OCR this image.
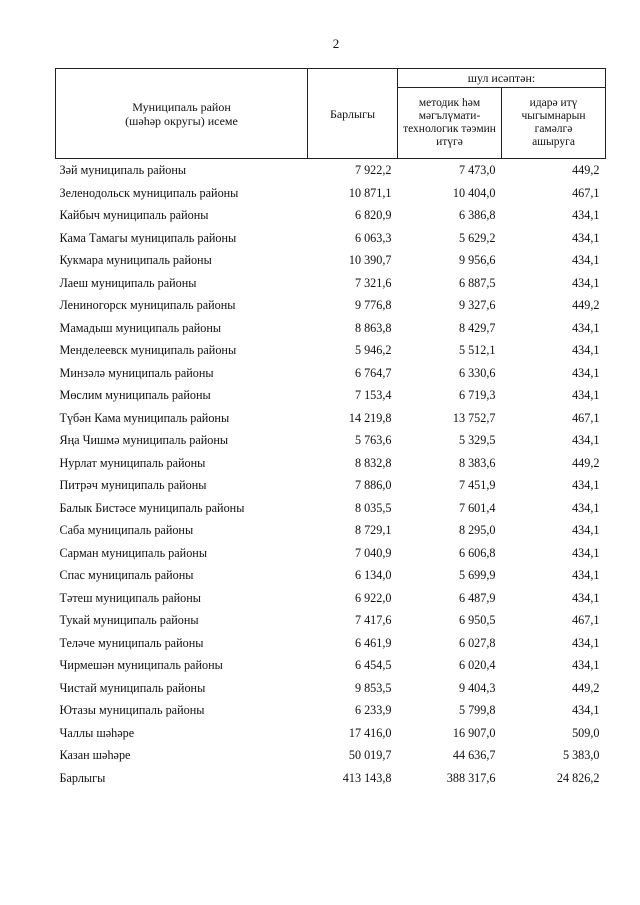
2
Муниципаль район (шәһәр округы) исеме	Барлыгы	шул исәптән:	

		методик һәм мәгълүмати-технологик тәэмин итүгә	идарә итү чыгымнарын гамәлгә ашыруга

Зәй муниципаль районы	7 922,2	7 473,0	449,2
Зеленодольск муниципаль районы	10 871,1	10 404,0	467,1
Кайбыч муниципаль районы	6 820,9	6 386,8	434,1
Кама Тамагы муниципаль районы	6 063,3	5 629,2	434,1
Кукмара муниципаль районы	10 390,7	9 956,6	434,1
Лаеш муниципаль районы	7 321,6	6 887,5	434,1
Лениногорск муниципаль районы	9 776,8	9 327,6	449,2
Мамадыш муниципаль районы	8 863,8	8 429,7	434,1
Менделеевск муниципаль районы	5 946,2	5 512,1	434,1
Минзәлә муниципаль районы	6 764,7	6 330,6	434,1
Мөслим муниципаль районы	7 153,4	6 719,3	434,1
Түбән Кама муниципаль районы	14 219,8	13 752,7	467,1
Яңа Чишмә муниципаль районы	5 763,6	5 329,5	434,1
Нурлат муниципаль районы	8 832,8	8 383,6	449,2
Питрәч муниципаль районы	7 886,0	7 451,9	434,1
Балык Бистәсе муниципаль районы	8 035,5	7 601,4	434,1
Саба муниципаль районы	8 729,1	8 295,0	434,1
Сарман муниципаль районы	7 040,9	6 606,8	434,1
Спас муниципаль районы	6 134,0	5 699,9	434,1
Тәтеш муниципаль районы	6 922,0	6 487,9	434,1
Тукай муниципаль районы	7 417,6	6 950,5	467,1
Теләче муниципаль районы	6 461,9	6 027,8	434,1
Чирмешән муниципаль районы	6 454,5	6 020,4	434,1
Чистай муниципаль районы	9 853,5	9 404,3	449,2
Ютазы муниципаль районы	6 233,9	5 799,8	434,1
Чаллы шәһәре	17 416,0	16 907,0	509,0
Казан шәһәре	50 019,7	44 636,7	5 383,0
Барлыгы	413 143,8	388 317,6	24 826,2
